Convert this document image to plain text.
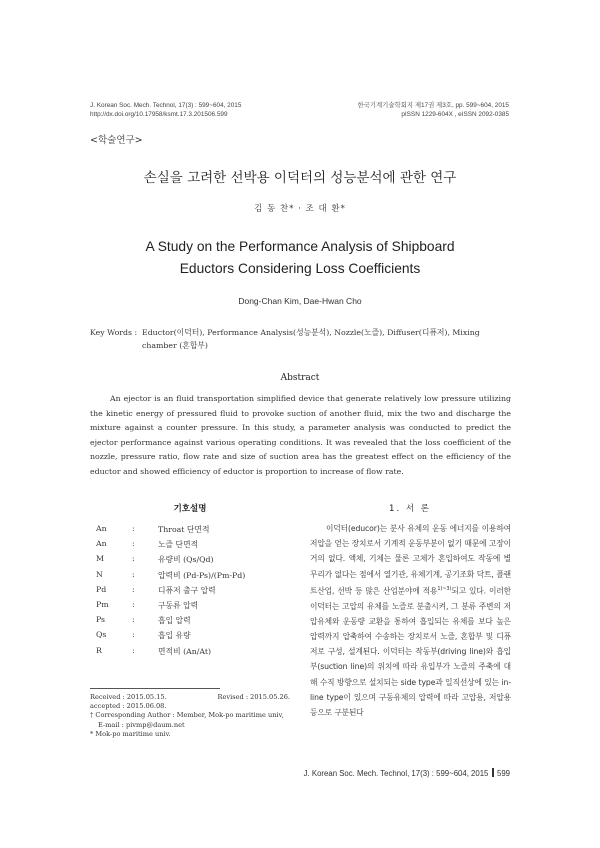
J. Korean Soc. Mech. Technol, 17(3) : 599~604, 2015
http://dx.doi.org/10.17958/ksmt.17.3.201506.599
한국기계기술학회지 제17권 제3호, pp. 599~604, 2015
pISSN 1229-604X , eISSN 2092-0385
<학술연구>
손실을 고려한 선박용 이덕터의 성능분석에 관한 연구
김 동 찬* · 조 대 환*
A Study on the Performance Analysis of Shipboard
Eductors Considering Loss Coefficients
Dong-Chan Kim, Dae-Hwan Cho
Key Words : Eductor(이덕터), Performance Analysis(성능분석), Nozzle(노즐), Diffuser(디퓨저), Mixing chamber (혼합부)
Abstract
An ejector is an fluid transportation simplified device that generate relatively low pressure utilizing the kinetic energy of pressured fluid to provoke suction of another fluid, mix the two and discharge the mixture against a counter pressure. In this study, a parameter analysis was conducted to predict the ejector performance against various operating conditions. It was revealed that the loss coefficient of the nozzle, pressure ratio, flow rate and size of suction area has the greatest effect on the efficiency of the eductor and showed efficiency of eductor is proportion to increase of flow rate.
기호설명	1. 서 론
An	:	Throat 단면적
An	:	노즐 단면적
M	:	유량비 (Qs/Qd)
N	:	압력비 (Pd-Ps)/(Pm-Pd)
Pd	:	디퓨저 출구 압력
Pm	:	구동류 압력
Ps	:	흡입 압력
Qs	:	흡입 유량
R	:	면적비 (An/At)
Received : 2015.05.15.	Revised : 2015.05.26.
accepted : 2015.06.08.
† Corresponding Author : Member, Mok-po maritime univ,
E-mail : pivmp@daum.net
* Mok-po maritime univ.
이덕터(educor)는 분사 유체의 운동 에너지를 이용하여 저압을 얻는 장치로서 기계적 운동부분이 없기 때문에 고장이 거의 없다. 액체, 기체는 물론 고체가 혼입하여도 작동에 별 무리가 없다는 점에서 열기관, 유체기계, 공기조화 닥트, 플랜트산업, 선박 등 많은 산업분야에 적용$^{1)\sim 3)}$되고 있다. 이러한 이덕터는 고압의 유체를 노즐로 분출시켜, 그 분류 주변의 저압유체와 운동량 교환을 통하여 흡입되는 유체를 보다 높은 압력까지 압축하여 수송하는 장치로서 노즐, 혼합부 및 디퓨저로 구성, 설계된다. 이덕터는 작동부(driving line)와 흡입부(suction line)의 위치에 따라 유입부가 노즐의 주축에 대해 수직 방향으로 설치되는 side type과 일직선상에 있는 in-line type이 있으며 구동유체의 압력에 따라 고압용, 저압용 등으로 구분된다
J. Korean Soc. Mech. Technol, 17(3) : 599~604, 2015 599
